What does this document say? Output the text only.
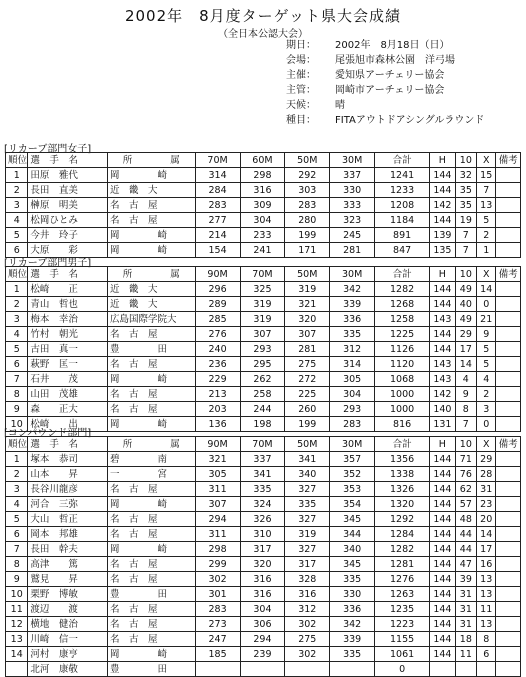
2002年　8月度ターゲット県大会成績
（全日本公認大会）
期日：	2002年　8月18日（日）
会場：	尾張旭市森林公園　洋弓場
主催：	愛知県アーチェリー協会
主管：	岡崎市アーチェリー協会
天候：	晴
種目：	FITAアウトドアシングルラウンド
[リカーブ部門女子]
順位	選　手　名	所　　　　属	70M	60M	50M	30M	合計	H	10	X	備考
1	田原　雅代	岡　　　　崎	314	298	292	337	1241	144	32	15	
2	長田　直美	近　畿　大	284	316	303	330	1233	144	35	7	
3	榊原　明美	名　古　屋	283	309	283	333	1208	142	35	13	
4	松岡ひとみ	名　古　屋	277	304	280	323	1184	144	19	5	
5	今井　玲子	岡　　　　崎	214	233	199	245	891	139	7	2	
6	大原　　彩	岡　　　　崎	154	241	171	281	847	135	7	1	
[リカーブ部門男子]
順位	選　手　名	所　　　　属	90M	70M	50M	30M	合計	H	10	X	備考
1	松崎　　正	近　畿　大	296	325	319	342	1282	144	49	14	
2	青山　哲也	近　畿　大	289	319	321	339	1268	144	40	0	
3	梅本　幸治	広島国際学院大	285	319	320	336	1258	143	49	21	
4	竹村　朝光	名　古　屋	276	307	307	335	1225	144	29	9	
5	古田　真一	豊　　　　田	240	293	281	312	1126	144	17	5	
6	萩野　匡一	名　古　屋	236	295	275	314	1120	143	14	5	
7	石井　　茂	岡　　　　崎	229	262	272	305	1068	143	4	4	
8	山田　茂雄	名　古　屋	213	258	225	304	1000	142	9	2	
9	森　　正大	名　古　屋	203	244	260	293	1000	140	8	3	
10	松崎　　出	岡　　　　崎	136	198	199	283	816	131	7	0	
[コンパウンド部門]
順位	選　手　名	所　　　　属	90M	70M	50M	30M	合計	H	10	X	備考
1	塚本　恭司	碧　　　　南	321	337	341	357	1356	144	71	29	
2	山本　　昇	一　　　　宮	305	341	340	352	1338	144	76	28	
3	長谷川龍彦	名　古　屋	311	335	327	353	1326	144	62	31	
4	河合　三弥	岡　　　　崎	307	324	335	354	1320	144	57	23	
5	大山　哲正	名　古　屋	294	326	327	345	1292	144	48	20	
6	岡本　邦雄	名　古　屋	311	310	319	344	1284	144	44	14	
7	長田　幹夫	岡　　　　崎	298	317	327	340	1282	144	44	17	
8	高津　　篤	名　古　屋	299	320	317	345	1281	144	47	16	
9	鷲見　　昇	名　古　屋	302	316	328	335	1276	144	39	13	
10	栗野　博敏	豊　　　　田	301	316	316	330	1263	144	31	13	
11	渡辺　　渡	名　古　屋	283	304	312	336	1235	144	31	11	
12	横地　健治	名　古　屋	273	306	302	342	1223	144	31	13	
13	川崎　信一	名　古　屋	247	294	275	339	1155	144	18	8	
14	河村　康亨	岡　　　　崎	185	239	302	335	1061	144	11	6	
	北河　康敬	豊　　　　田					0				
